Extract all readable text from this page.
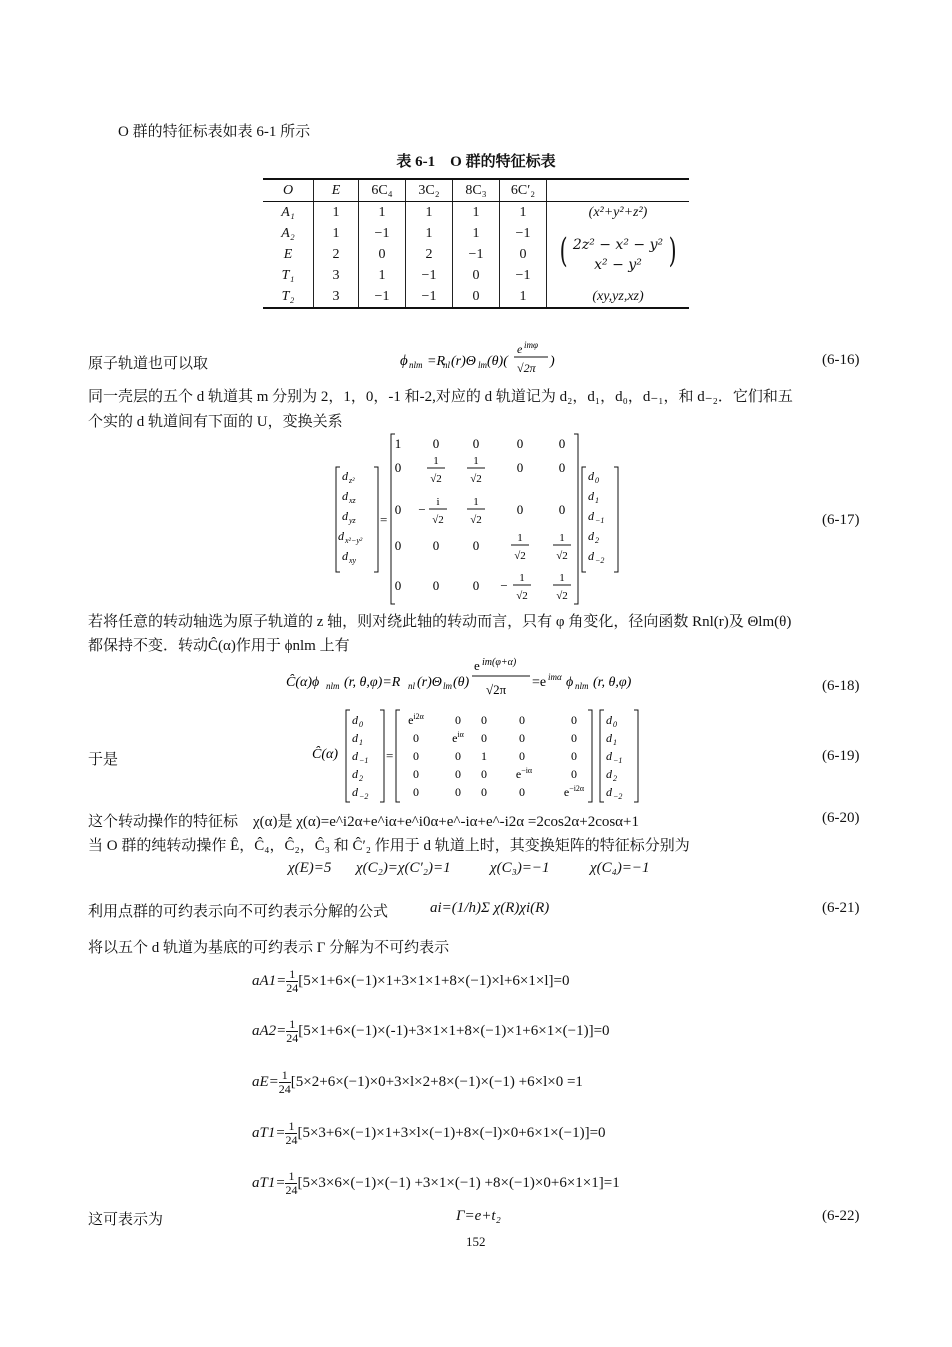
O 群的特征标表如表 6-1 所示
表 6-1　O 群的特征标表
O	E	6C₄	3C₂	8C₃	6C′₂	
A₁	1	1	1	1	1	(x²+y²+z²)
A₂	1	−1	1	1	−1	( 2z² − x² − y²
x² − y² )

E	2	0	2	−1	0	
T₁	3	1	−1	0	−1	
T₂	3	−1	−1	0	1	(xy,yz,xz)
原子轨道也可以取	ϕ nlm =R
nl (r)Θ lm (θ)(
e imφ
√2π )	(6-16)
同一壳层的五个 d 轨道其 m 分别为 2，1，0，-1 和-2,对应的 d 轨道记为 d₂，d₁，d₀，d₋₁，和 d₋₂．它们和五
个实的 d 轨道间有下面的 U，变换关系
d z²
d xz
d yz
d x²−y²
d xy
=
1 0	0	0	0
0	1
√2
1
√2
0	0
0 − i
√2
1
√2
0	0
0 0	0	1
√2
1
√2
0 0	0 − 1
√2
1
√2
d 0
d 1
d −1
d 2
d −2
(6-17)
若将任意的转动轴选为原子轨道的 z 轴，则对绕此轴的转动而言，只有 φ 角变化，径向函数 Rnl(r)及 Θlm(θ)
都保持不变．转动Ĉ(α)作用于 ϕnlm 上有
Ĉ(α)ϕ nlm (r, θ,φ)=R nl (r)Θ lm (θ)
e im(φ+α)
√2π =e imα ϕ nlm (r, θ,φ)	(6-18)
于是	Ĉ(α)
d 0
d 1
d −1
d 2
d −2
=
$e^{i2\alpha}$	0 0	0	0
0	$e^{i\alpha}$ 0	0	0
0	0 1	0	0
0	0 0 $e^{-i\alpha}$	0
0	0 0	0	$e^{-i2\alpha}$
d 0
d 1
d −1
d 2
d −2
(6-19)
这个转动操作的特征标　χ(α)是 χ(α)=e^i2α+e^iα+e^i0α+e^-iα+e^-i2α =2cos2α+2cosα+1	(6-20)
当 O 群的纯转动操作 Ê，Ĉ₄，Ĉ₂，Ĉ₃ 和 Ĉ′₂ 作用于 d 轨道上时，其变换矩阵的特征标分别为
χ(E)=5 χ(C₂)=χ(C′₂)=1	χ(C₃)=−1	χ(C₄)=−1
利用点群的可约表示向不可约表示分解的公式	ai=(1/h)Σ χ(R)χi(R)	(6-21)
将以五个 d 轨道为基底的可约表示 Γ 分解为不可约表示
$aA1= \frac{1}{24} [5\times 1+6\times(-1)\times 1+3\times 1\times 1+8\times(-1)\times l+6\times 1\times l]=0$
$aA2= \frac{1}{24} [5\times 1+6\times(-1)\times(-1)+3\times 1\times 1+8\times(-1)\times 1+6\times 1\times(-1)]=0$
$aE= \frac{1}{24} [5\times 2+6\times(-1)\times 0+3\times l\times 2+8\times(-1)\times(-1) +6\times l\times 0 =1$
$aT1= \frac{1}{24} [5\times 3+6\times(-1)\times 1+3\times l\times(-1)+8\times(-l)\times 0+6\times 1\times(-1)]=0$
$aT1= \frac{1}{24} [5\times 3\times 6\times(-1)\times(-1) +3\times 1\times(-1) +8\times(-1)\times 0+6\times 1\times 1]=1$
这可表示为	Γ=e+t₂	(6-22)
152
